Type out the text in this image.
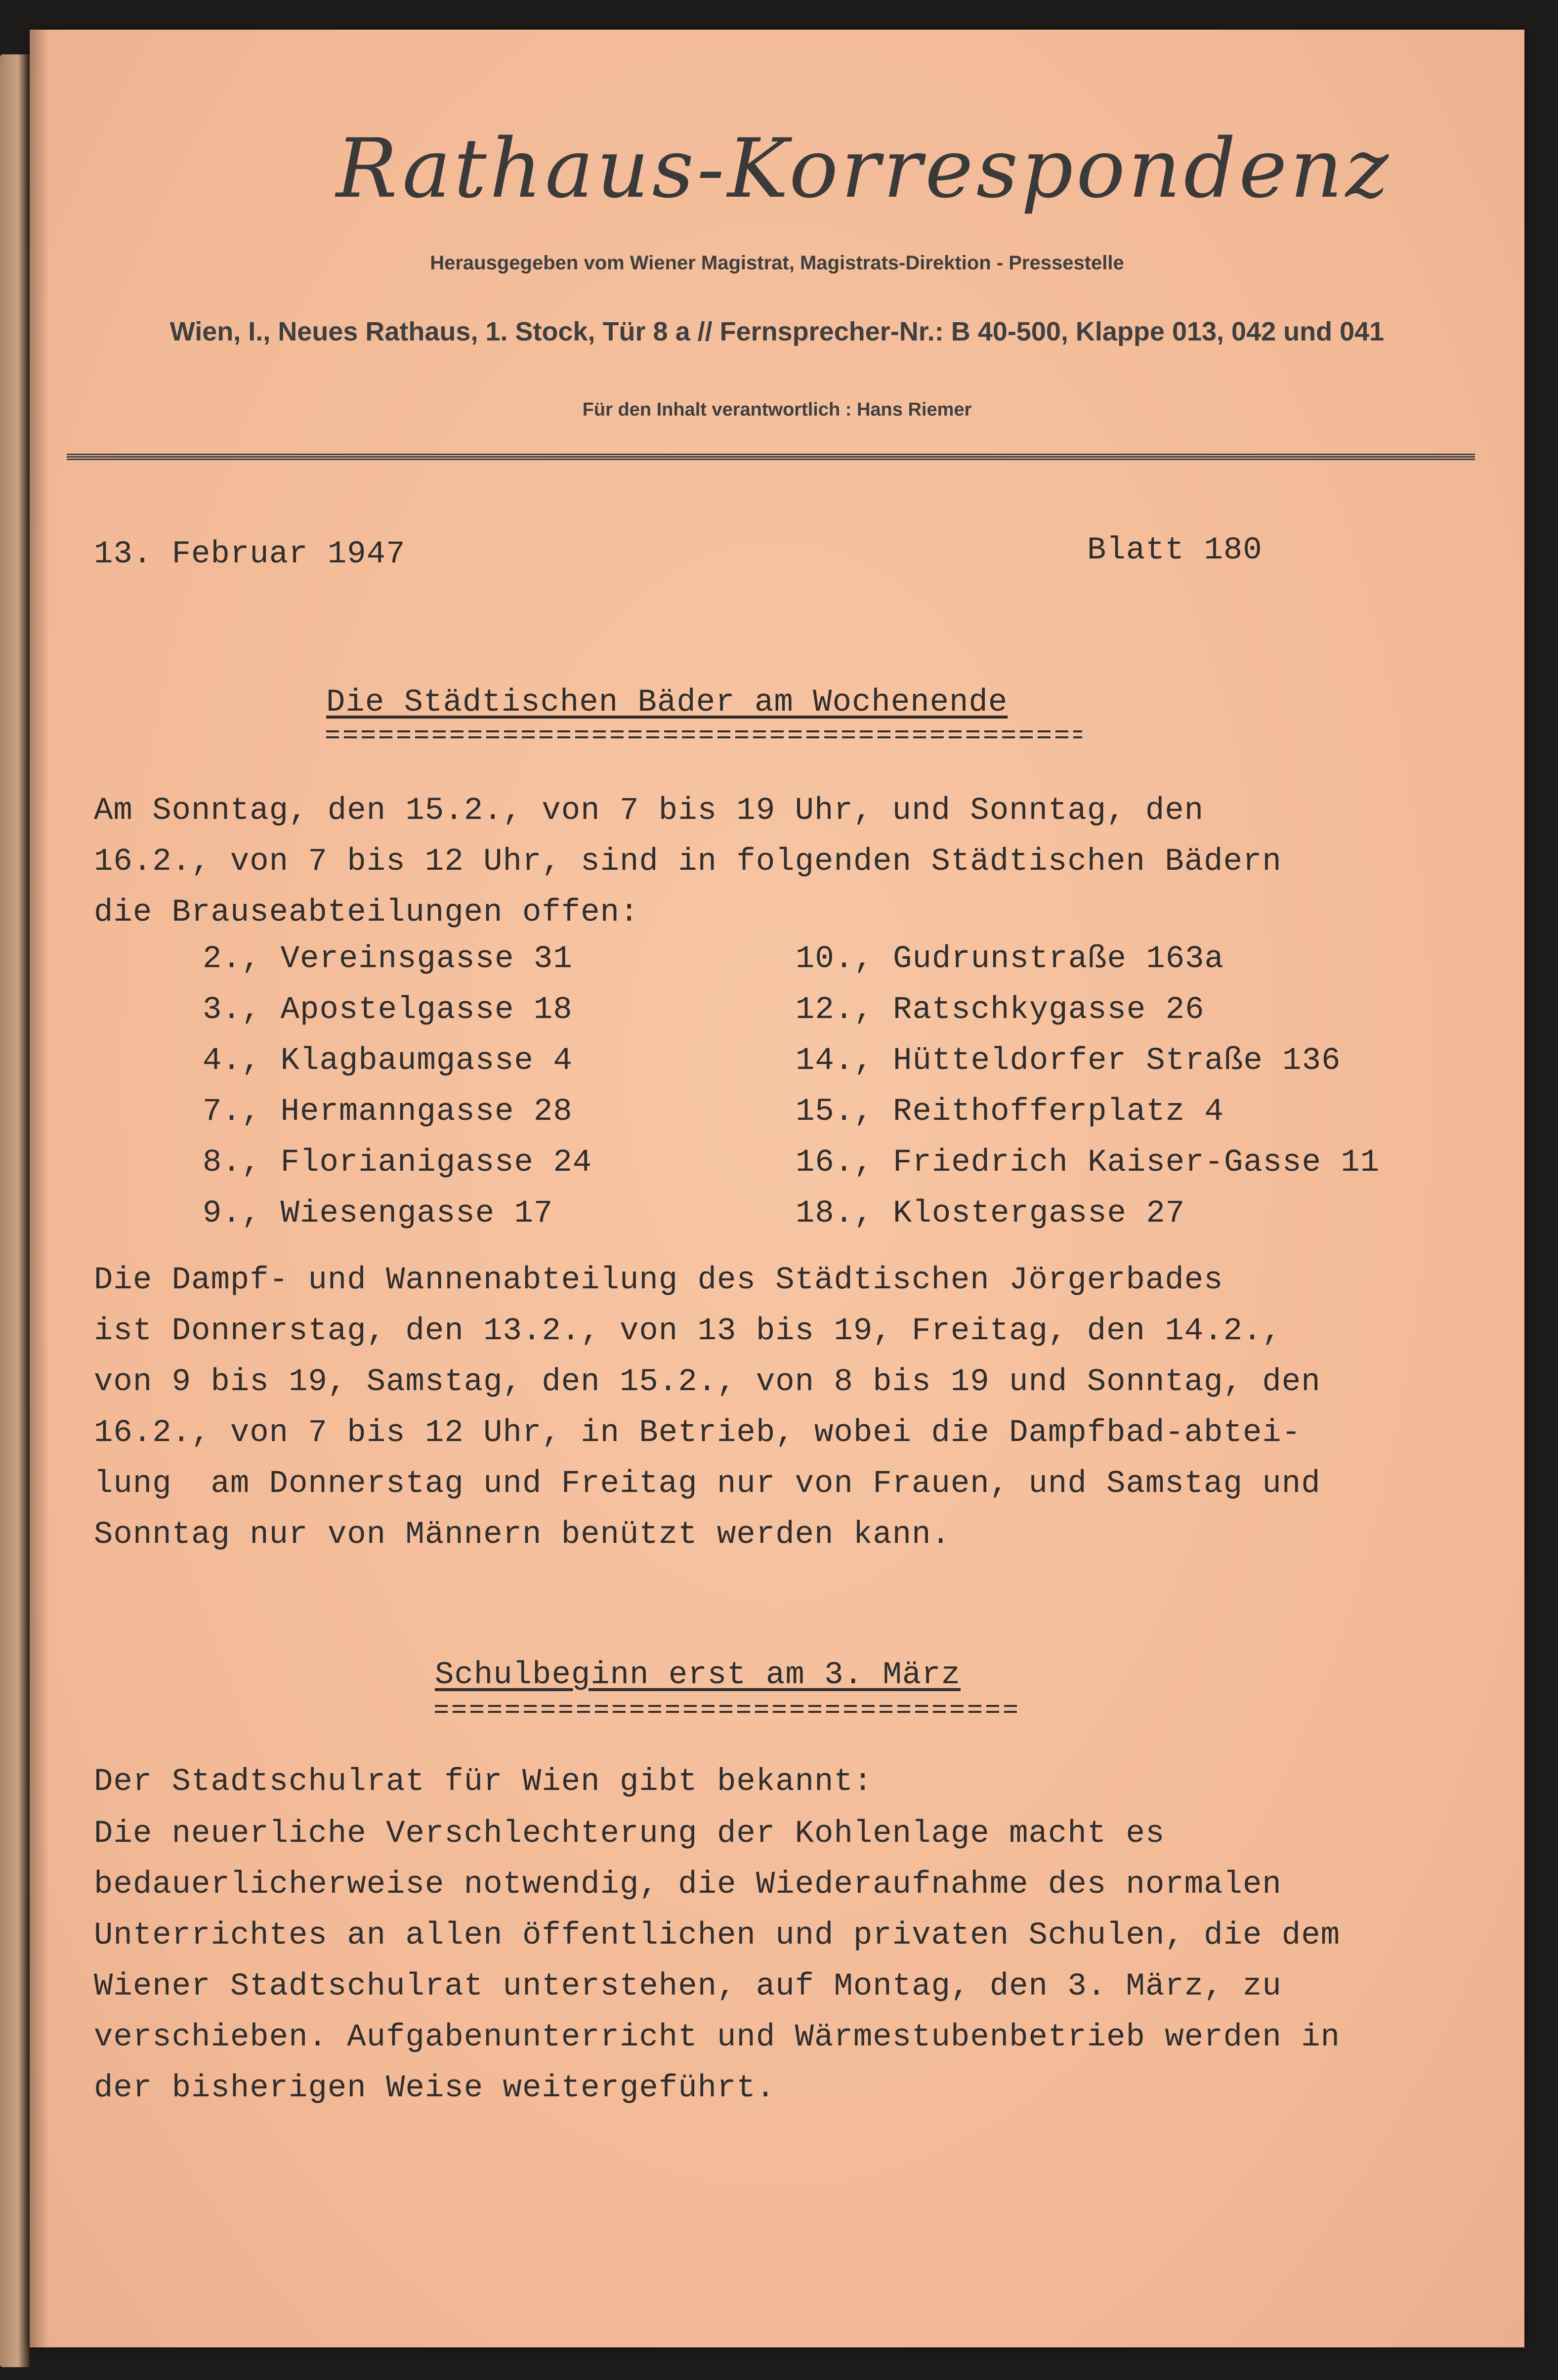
Rathaus-Korrespondenz
Herausgegeben vom Wiener Magistrat, Magistrats-Direktion - Pressestelle
Wien, I., Neues Rathaus, 1. Stock, Tür 8 a // Fernsprecher-Nr.: B 40-500, Klappe 013, 042 und 041
Für den Inhalt verantwortlich : Hans Riemer
13. Februar 1947	Blatt 180
Die Städtischen Bäder am Wochenende
Am Sonntag, den 15.2., von 7 bis 19 Uhr, und Sonntag, den
16.2., von 7 bis 12 Uhr, sind in folgenden Städtischen Bädern
die Brauseabteilungen offen:
2., Vereinsgasse 31
3., Apostelgasse 18
4., Klagbaumgasse 4
7., Hermanngasse 28
8., Florianigasse 24
9., Wiesengasse 17
10., Gudrunstraße 163a
12., Ratschkygasse 26
14., Hütteldorfer Straße 136
15., Reithofferplatz 4
16., Friedrich Kaiser-Gasse 11
18., Klostergasse 27
Die Dampf- und Wannenabteilung des Städtischen Jörgerbades
ist Donnerstag, den 13.2., von 13 bis 19, Freitag, den 14.2.,
von 9 bis 19, Samstag, den 15.2., von 8 bis 19 und Sonntag, den
16.2., von 7 bis 12 Uhr, in Betrieb, wobei die Dampfbad-abtei-
lung  am Donnerstag und Freitag nur von Frauen, und Samstag und
Sonntag nur von Männern benützt werden kann.
Schulbeginn erst am 3. März
Der Stadtschulrat für Wien gibt bekannt:
Die neuerliche Verschlechterung der Kohlenlage macht es
bedauerlicherweise notwendig, die Wiederaufnahme des normalen
Unterrichtes an allen öffentlichen und privaten Schulen, die dem
Wiener Stadtschulrat unterstehen, auf Montag, den 3. März, zu
verschieben. Aufgabenunterricht und Wärmestubenbetrieb werden in
der bisherigen Weise weitergeführt.
